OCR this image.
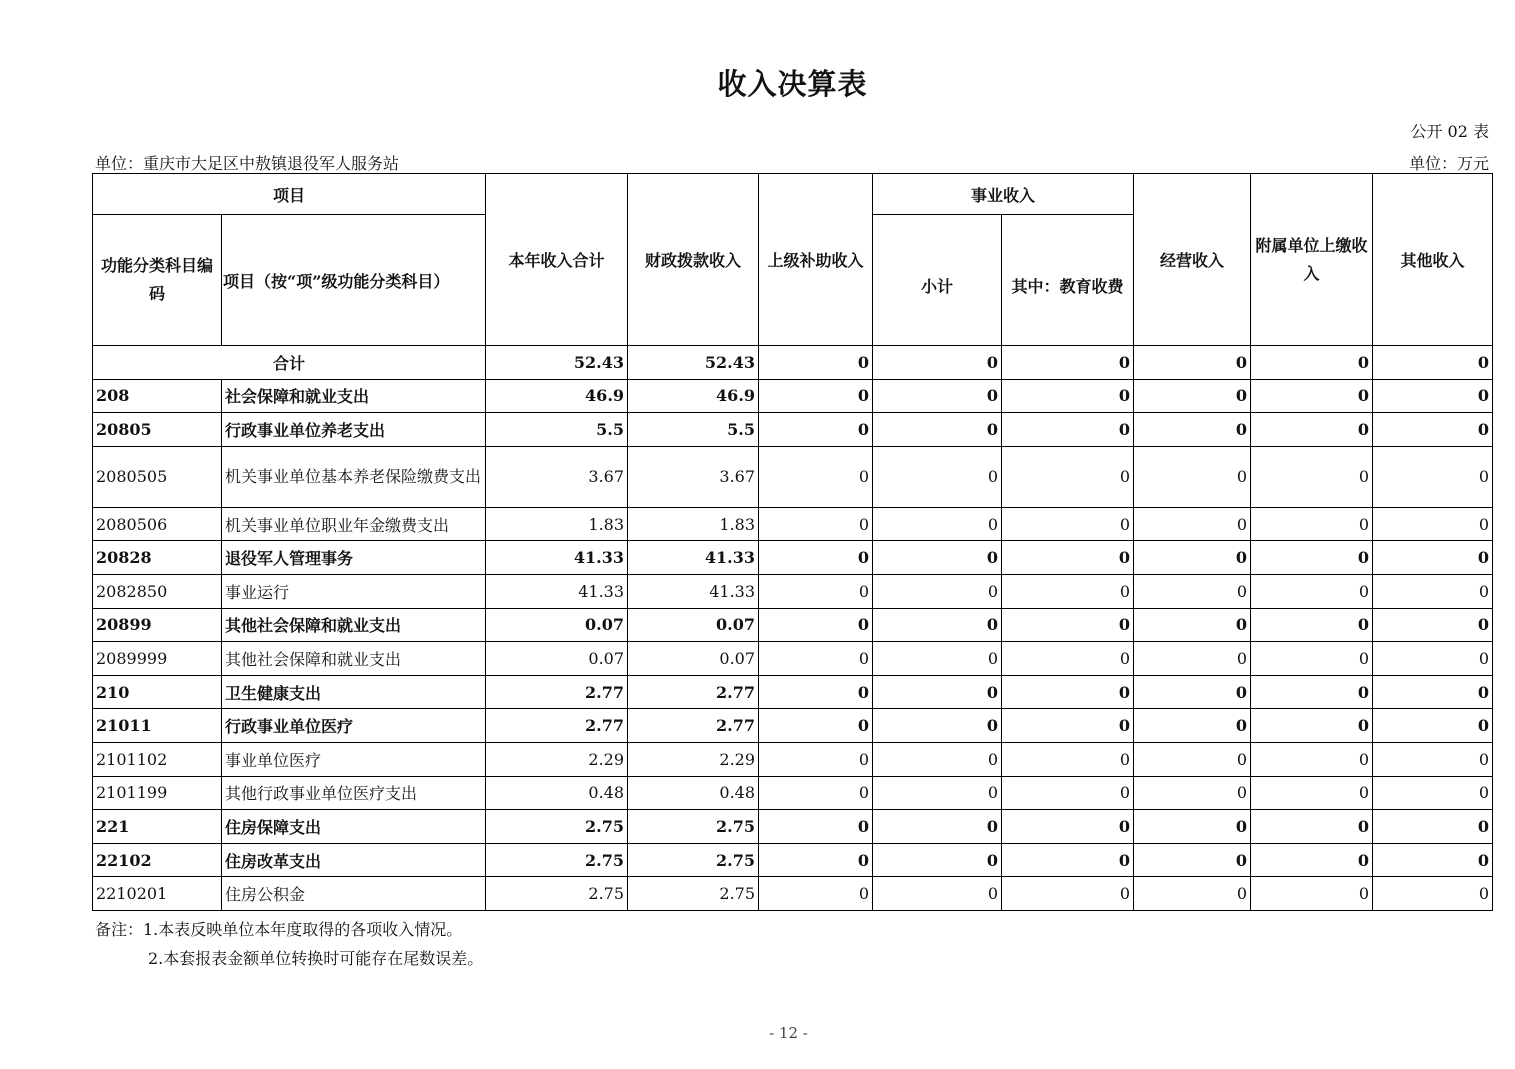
收入决算表
公开 02 表
单位：重庆市大足区中敖镇退役军人服务站	单位：万元
项目		本年收入合计	财政拨款收入	上级补助收入	事业收入		经营收入	附属单位上缴收入	其他收入
功能分类科目编码	项目（按“项”级功能分类科目）				小计	其中：教育收费			
合计		52.43	52.43	0	0	0	0	0	0
208	社会保障和就业支出	46.9	46.9	0	0	0	0	0	0
20805	行政事业单位养老支出	5.5	5.5	0	0	0	0	0	0
2080505	机关事业单位基本养老保险缴费支出	3.67	3.67	0	0	0	0	0	0
2080506	机关事业单位职业年金缴费支出	1.83	1.83	0	0	0	0	0	0
20828	退役军人管理事务	41.33	41.33	0	0	0	0	0	0
2082850	事业运行	41.33	41.33	0	0	0	0	0	0
20899	其他社会保障和就业支出	0.07	0.07	0	0	0	0	0	0
2089999	其他社会保障和就业支出	0.07	0.07	0	0	0	0	0	0
210	卫生健康支出	2.77	2.77	0	0	0	0	0	0
21011	行政事业单位医疗	2.77	2.77	0	0	0	0	0	0
2101102	事业单位医疗	2.29	2.29	0	0	0	0	0	0
2101199	其他行政事业单位医疗支出	0.48	0.48	0	0	0	0	0	0
221	住房保障支出	2.75	2.75	0	0	0	0	0	0
22102	住房改革支出	2.75	2.75	0	0	0	0	0	0
2210201	住房公积金	2.75	2.75	0	0	0	0	0	0
备注：1.本表反映单位本年度取得的各项收入情况。
2.本套报表金额单位转换时可能存在尾数误差。
- 12 -
